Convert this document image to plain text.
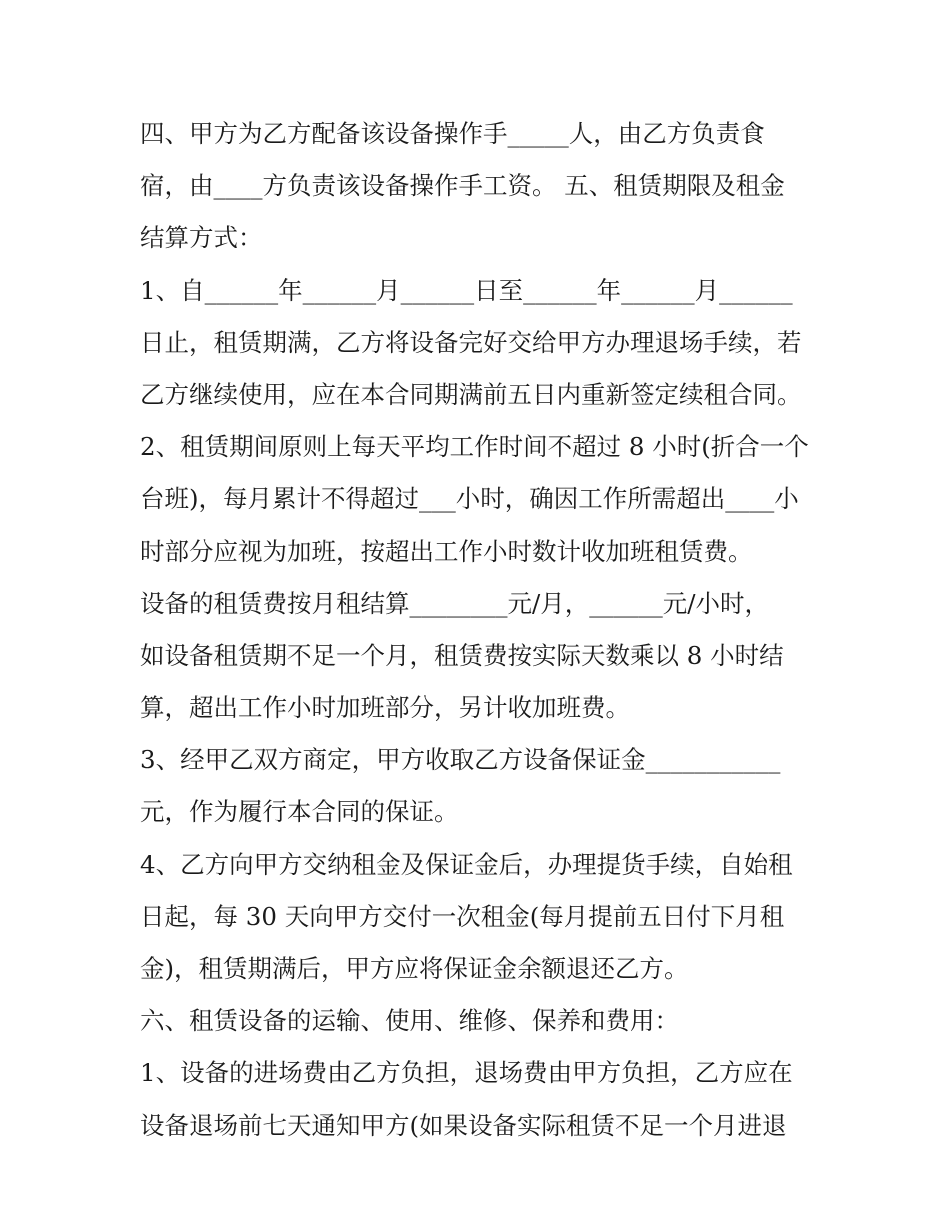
四、甲方为乙方配备该设备操作手_____人，由乙方负责食
宿，由____方负责该设备操作手工资。 五、租赁期限及租金
结算方式：
1、自______年______月______日至______年______月______
日止，租赁期满，乙方将设备完好交给甲方办理退场手续，若
乙方继续使用，应在本合同期满前五日内重新签定续租合同。
2、租赁期间原则上每天平均工作时间不超过 8 小时(折合一个
台班)，每月累计不得超过___小时，确因工作所需超出____小
时部分应视为加班，按超出工作小时数计收加班租赁费。
设备的租赁费按月租结算________元/月，______元/小时，
如设备租赁期不足一个月，租赁费按实际天数乘以 8 小时结
算，超出工作小时加班部分，另计收加班费。
3、经甲乙双方商定，甲方收取乙方设备保证金___________
元，作为履行本合同的保证。
4、乙方向甲方交纳租金及保证金后，办理提货手续，自始租
日起，每 30 天向甲方交付一次租金(每月提前五日付下月租
金)，租赁期满后，甲方应将保证金余额退还乙方。
六、租赁设备的运输、使用、维修、保养和费用：
1、设备的进场费由乙方负担，退场费由甲方负担，乙方应在
设备退场前七天通知甲方(如果设备实际租赁不足一个月进退
